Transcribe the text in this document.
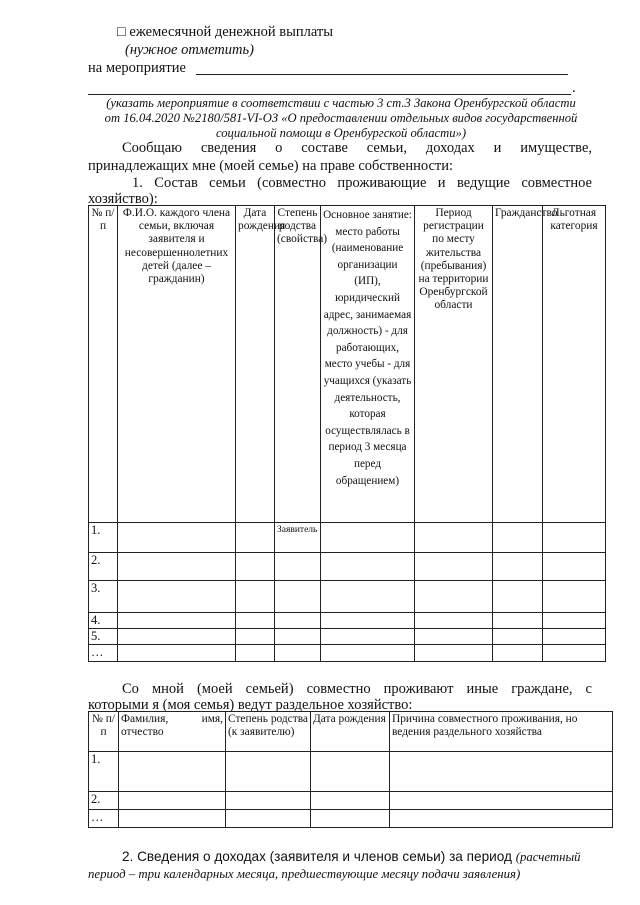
□ ежемесячной денежной выплаты
(нужное отметить)
на мероприятие
.
(указать мероприятие в соответствии с частью 3 ст.3 Закона Оренбургской области от 16.04.2020 №2180/581-VI-ОЗ «О предоставлении отдельных видов государственной социальной помощи в Оренбургской области»)
Сообщаю сведения о составе семьи, доходах и имуществе,
принадлежащих мне (моей семье) на праве собственности:
1. Состав семьи (совместно проживающие и ведущие совместное
хозяйство):
№ п/п	Ф.И.О. каждого члена семьи, включая заявителя и несовершеннолетних детей (далее – гражданин)	Дата рождения	Степень родства (свойства)	Основное занятие: место работы (наименование организации (ИП), юридический адрес, занимаемая должность) - для работающих, место учебы - для учащихся (указать деятельность, которая осуществлялась в период 3 месяца перед обращением)	Период регистрации по месту жительства (пребывания) на территории Оренбургской области	Гражданство	Льготная категория
1.			Заявитель				
2.							
3.							
4.							
5.							
…							
Со мной (моей семьей) совместно проживают иные граждане, с
которыми я (моя семья) ведут раздельное хозяйство:
№ п/п	Фамилия, имя, отчество	Степень родства (к заявителю)	Дата рождения	Причина совместного проживания, но ведения раздельного хозяйства
1.				
2.				
…				
2. Сведения о доходах (заявителя и членов семьи) за период (расчетный
период – три календарных месяца, предшествующие месяцу подачи заявления)
